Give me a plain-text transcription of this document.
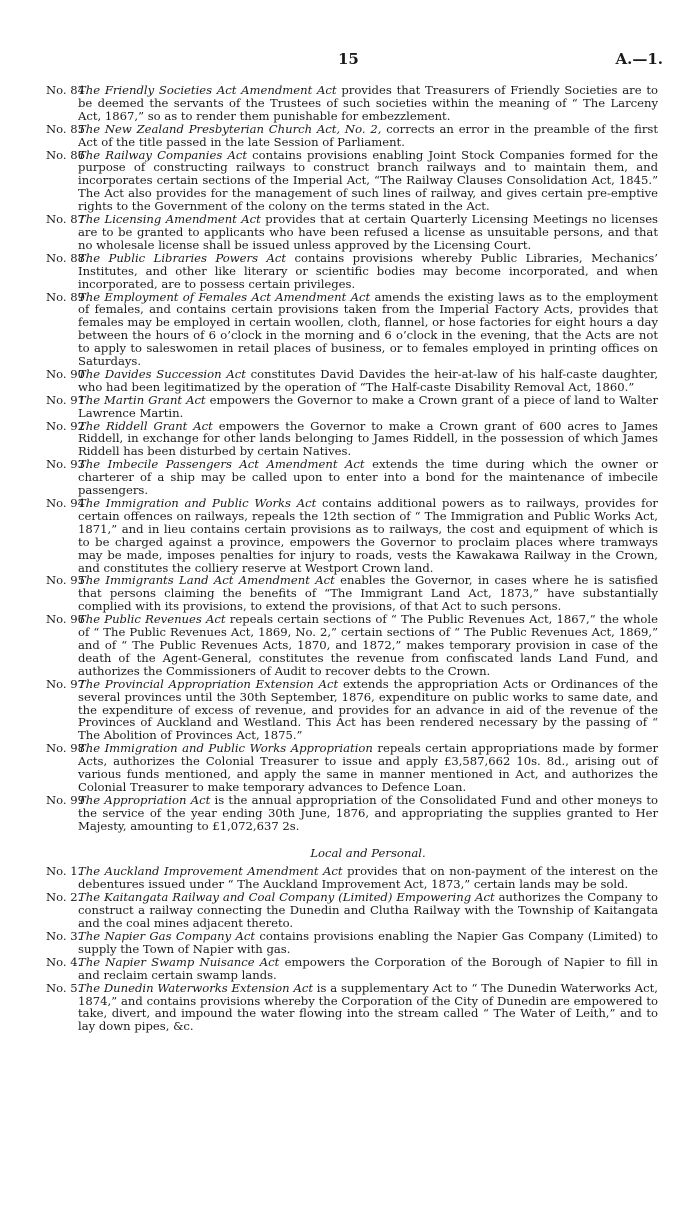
15	A.—1.
No. 84.
The Friendly Societies Act Amendment Act provides that Treasurers of Friendly Societies are to be deemed the servants of the Trustees of such societies within the meaning of “ The Larceny Act, 1867,” so as to render them punishable for embezzlement.
No. 85.
The New Zealand Presbyterian Church Act, No. 2, corrects an error in the preamble of the first Act of the title passed in the late Session of Parliament.
No. 86.
The Railway Companies Act contains provisions enabling Joint Stock Companies formed for the purpose of constructing railways to construct branch railways and to maintain them, and incorporates certain sections of the Imperial Act, “The Railway Clauses Consolidation Act, 1845.” The Act also provides for the management of such lines of railway, and gives certain pre-emptive rights to the Government of the colony on the terms stated in the Act.
No. 87.
The Licensing Amendment Act provides that at certain Quarterly Licensing Meetings no licenses are to be granted to applicants who have been refused a license as unsuitable persons, and that no wholesale license shall be issued unless approved by the Licensing Court.
No. 88.
The Public Libraries Powers Act contains provisions whereby Public Libraries, Mechanics’ Institutes, and other like literary or scientific bodies may become incorporated, and when incorporated, are to possess certain privileges.
No. 89.
The Employment of Females Act Amendment Act amends the existing laws as to the employment of females, and contains certain provisions taken from the Imperial Factory Acts, provides that females may be employed in certain woollen, cloth, flannel, or hose factories for eight hours a day between the hours of 6 o’clock in the morning and 6 o’clock in the evening, that the Acts are not to apply to saleswomen in retail places of business, or to females employed in printing offices on Saturdays.
No. 90.
The Davides Succession Act constitutes David Davides the heir-at-law of his half-caste daughter, who had been legitimatized by the operation of “The Half-caste Disability Removal Act, 1860.”
No. 91.
The Martin Grant Act empowers the Governor to make a Crown grant of a piece of land to Walter Lawrence Martin.
No. 92.
The Riddell Grant Act empowers the Governor to make a Crown grant of 600 acres to James Riddell, in exchange for other lands belonging to James Riddell, in the possession of which James Riddell has been disturbed by certain Natives.
No. 93.
The Imbecile Passengers Act Amendment Act extends the time during which the owner or charterer of a ship may be called upon to enter into a bond for the maintenance of imbecile passengers.
No. 94.
The Immigration and Public Works Act contains additional powers as to railways, provides for certain offences on railways, repeals the 12th section of “ The Immigration and Public Works Act, 1871,” and in lieu contains certain provisions as to railways, the cost and equipment of which is to be charged against a province, empowers the Governor to proclaim places where tramways may be made, imposes penalties for injury to roads, vests the Kawakawa Railway in the Crown, and constitutes the colliery reserve at Westport Crown land.
No. 95.
The Immigrants Land Act Amendment Act enables the Governor, in cases where he is satisfied that persons claiming the benefits of “The Immigrant Land Act, 1873,” have substantially complied with its provisions, to extend the provisions, of that Act to such persons.
No. 96.
The Public Revenues Act repeals certain sections of “ The Public Revenues Act, 1867,” the whole of “ The Public Revenues Act, 1869, No. 2,” certain sections of “ The Public Revenues Act, 1869,” and of “ The Public Revenues Acts, 1870, and 1872,” makes temporary provision in case of the death of the Agent-General, constitutes the revenue from confiscated lands Land Fund, and authorizes the Commissioners of Audit to recover debts to the Crown.
No. 97.
The Provincial Appropriation Extension Act extends the appropriation Acts or Ordinances of the several provinces until the 30th September, 1876, expenditure on public works to same date, and the expenditure of excess of revenue, and provides for an advance in aid of the revenue of the Provinces of Auckland and Westland. This Act has been rendered necessary by the passing of “ The Abolition of Provinces Act, 1875.”
No. 98.
The Immigration and Public Works Appropriation repeals certain appropriations made by former Acts, authorizes the Colonial Treasurer to issue and apply £3,587,662 10s. 8d., arising out of various funds mentioned, and apply the same in manner mentioned in Act, and authorizes the Colonial Treasurer to make temporary advances to Defence Loan.
No. 99.
The Appropriation Act is the annual appropriation of the Consolidated Fund and other moneys to the service of the year ending 30th June, 1876, and appropriating the supplies granted to Her Majesty, amounting to £1,072,637 2s.
Local and Personal.
No. 1.
The Auckland Improvement Amendment Act provides that on non-payment of the interest on the debentures issued under “ The Auckland Improvement Act, 1873,” certain lands may be sold.
No. 2.
The Kaitangata Railway and Coal Company (Limited) Empowering Act authorizes the Company to construct a railway connecting the Dunedin and Clutha Railway with the Township of Kaitangata and the coal mines adjacent thereto.
No. 3.
The Napier Gas Company Act contains provisions enabling the Napier Gas Company (Limited) to supply the Town of Napier with gas.
No. 4.
The Napier Swamp Nuisance Act empowers the Corporation of the Borough of Napier to fill in and reclaim certain swamp lands.
No. 5.
The Dunedin Waterworks Extension Act is a supplementary Act to “ The Dunedin Waterworks Act, 1874,” and contains provisions whereby the Corporation of the City of Dunedin are empowered to take, divert, and impound the water flowing into the stream called “ The Water of Leith,” and to lay down pipes, &c.
